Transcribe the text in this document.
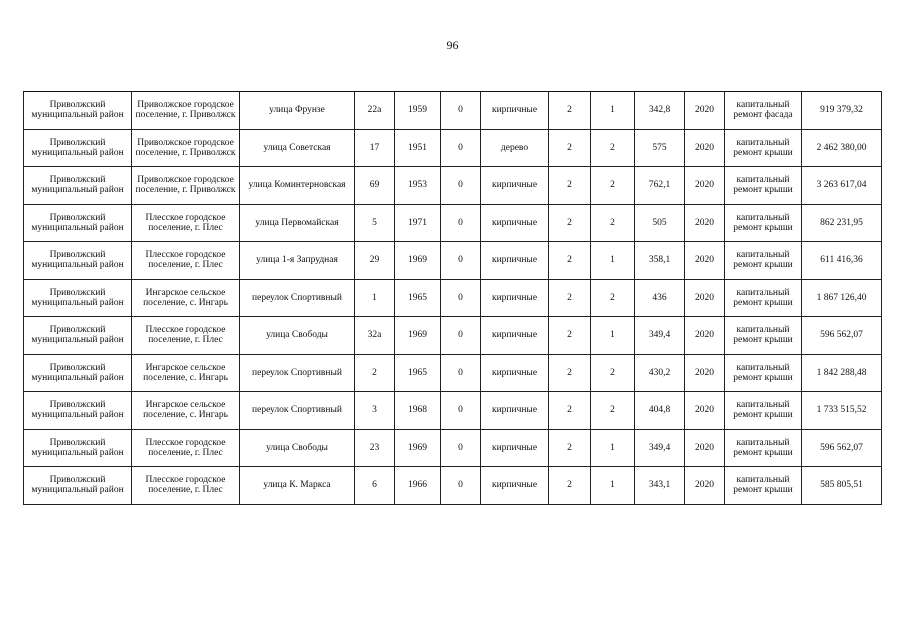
96
Приволжский муниципальный район	Приволжское городское поселение, г. Приволжск	улица Фрунзе	22а	1959	0	кирпичные	2	1	342,8	2020	капитальный ремонт фасада	919 379,32
Приволжский муниципальный район	Приволжское городское поселение, г. Приволжск	улица Советская	17	1951	0	дерево	2	2	575	2020	капитальный ремонт крыши	2 462 380,00
Приволжский муниципальный район	Приволжское городское поселение, г. Приволжск	улица Коминтерновская	69	1953	0	кирпичные	2	2	762,1	2020	капитальный ремонт крыши	3 263 617,04
Приволжский муниципальный район	Плесское городское поселение, г. Плес	улица Первомайская	5	1971	0	кирпичные	2	2	505	2020	капитальный ремонт крыши	862 231,95
Приволжский муниципальный район	Плесское городское поселение, г. Плес	улица 1-я Запрудная	29	1969	0	кирпичные	2	1	358,1	2020	капитальный ремонт крыши	611 416,36
Приволжский муниципальный район	Ингарское сельское поселение, с. Ингарь	переулок Спортивный	1	1965	0	кирпичные	2	2	436	2020	капитальный ремонт крыши	1 867 126,40
Приволжский муниципальный район	Плесское городское поселение, г. Плес	улица Свободы	32а	1969	0	кирпичные	2	1	349,4	2020	капитальный ремонт крыши	596 562,07
Приволжский муниципальный район	Ингарское сельское поселение, с. Ингарь	переулок Спортивный	2	1965	0	кирпичные	2	2	430,2	2020	капитальный ремонт крыши	1 842 288,48
Приволжский муниципальный район	Ингарское сельское поселение, с. Ингарь	переулок Спортивный	3	1968	0	кирпичные	2	2	404,8	2020	капитальный ремонт крыши	1 733 515,52
Приволжский муниципальный район	Плесское городское поселение, г. Плес	улица Свободы	23	1969	0	кирпичные	2	1	349,4	2020	капитальный ремонт крыши	596 562,07
Приволжский муниципальный район	Плесское городское поселение, г. Плес	улица К. Маркса	6	1966	0	кирпичные	2	1	343,1	2020	капитальный ремонт крыши	585 805,51
